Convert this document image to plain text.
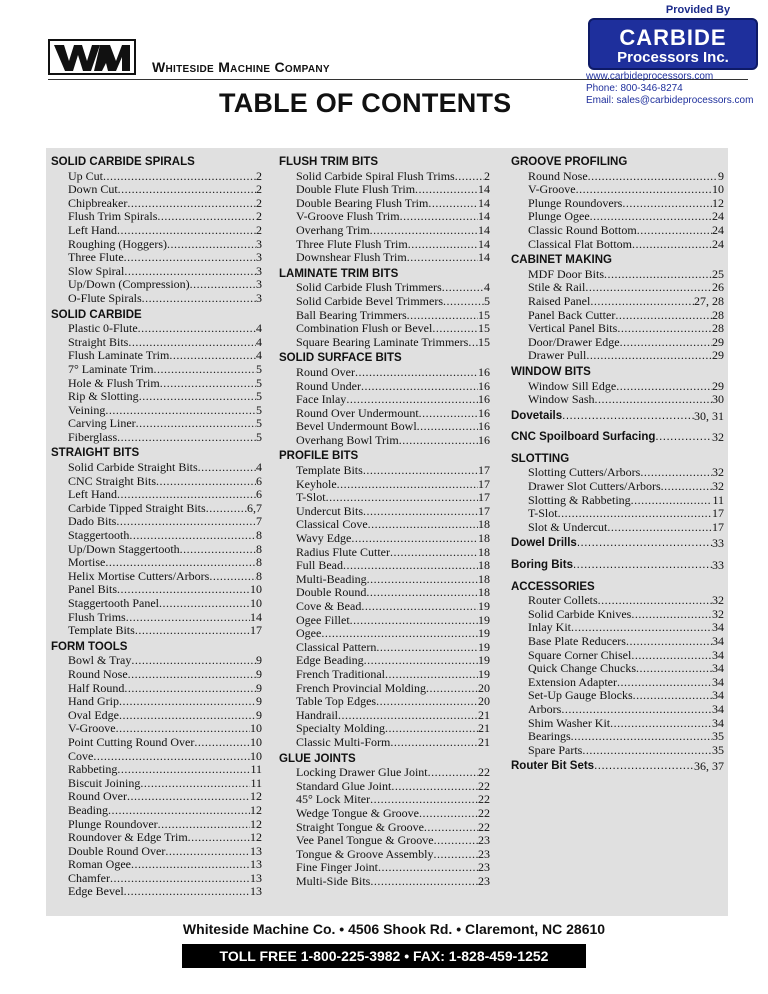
Whiteside Machine Company
Provided By
CARBIDE
Processors Inc.
www.carbideprocessors.com
Phone: 800-346-8274
Email: sales@carbideprocessors.com
TABLE OF CONTENTS
SOLID CARBIDE SPIRALS
Up Cut .....	2
Down Cut .....	2
Chipbreaker .....	2
Flush Trim Spirals .....	2
Left Hand .....	2
Roughing (Hoggers) .....	3
Three Flute .....	3
Slow Spiral .....	3
Up/Down (Compression) .....	3
O-Flute Spirals .....	3
SOLID CARBIDE
Plastic 0-Flute .....	4
Straight Bits .....	4
Flush Laminate Trim .....	4
7° Laminate Trim .....	5
Hole & Flush Trim .....	5
Rip & Slotting .....	5
Veining .....	5
Carving Liner .....	5
Fiberglass .....	5
STRAIGHT BITS
Solid Carbide Straight Bits .....	4
CNC Straight Bits .....	6
Left Hand .....	6
Carbide Tipped Straight Bits .....	6,7
Dado Bits .....	7
Staggertooth .....	8
Up/Down Staggertooth .....	8
Mortise .....	8
Helix Mortise Cutters/Arbors .....	8
Panel Bits .....	10
Staggertooth Panel .....	10
Flush Trims .....	14
Template Bits .....	17
FORM TOOLS
Bowl & Tray .....	9
Round Nose .....	9
Half Round .....	9
Hand Grip .....	9
Oval Edge .....	9
V-Groove .....	10
Point Cutting Round Over .....	10
Cove .....	10
Rabbeting .....	11
Biscuit Joining .....	11
Round Over .....	12
Beading .....	12
Plunge Roundover .....	12
Roundover & Edge Trim .....	12
Double Round Over .....	13
Roman Ogee .....	13
Chamfer .....	13
Edge Bevel .....	13
FLUSH TRIM BITS
Solid Carbide Spiral Flush Trims ..... 2
Double Flute Flush Trim .....	14
Double Bearing Flush Trim .....	14
V-Groove Flush Trim .....	14
Overhang Trim .....	14
Three Flute Flush Trim .....	14
Downshear Flush Trim .....	14
LAMINATE TRIM BITS
Solid Carbide Flush Trimmers .....	4
Solid Carbide Bevel Trimmers .....	5
Ball Bearing Trimmers .....	15
Combination Flush or Bevel .....	15
Square Bearing Laminate Trimmers ..... 15
SOLID SURFACE BITS
Round Over .....	16
Round Under .....	16
Face Inlay .....	16
Round Over Undermount .....	16
Bevel Undermount Bowl .....	16
Overhang Bowl Trim .....	16
PROFILE BITS
Template Bits .....	17
Keyhole .....	17
T-Slot .....	17
Undercut Bits .....	17
Classical Cove .....	18
Wavy Edge .....	18
Radius Flute Cutter .....	18
Full Bead .....	18
Multi-Beading .....	18
Double Round .....	18
Cove & Bead .....	19
Ogee Fillet .....	19
Ogee .....	19
Classical Pattern .....	19
Edge Beading .....	19
French Traditional .....	19
French Provincial Molding .....	20
Table Top Edges .....	20
Handrail .....	21
Specialty Molding .....	21
Classic Multi-Form .....	21
GLUE JOINTS
Locking Drawer Glue Joint .....	22
Standard Glue Joint .....	22
45° Lock Miter .....	22
Wedge Tongue & Groove .....	22
Straight Tongue & Groove .....	22
Vee Panel Tongue & Groove .....	23
Tongue & Groove Assembly .....	23
Fine Finger Joint .....	23
Multi-Side Bits .....	23
GROOVE PROFILING
Round Nose .....	9
V-Groove .....	10
Plunge Roundovers .....	12
Plunge Ogee .....	24
Classic Round Bottom .....	24
Classical Flat Bottom .....	24
CABINET MAKING
MDF Door Bits .....	25
Stile & Rail .....	26
Raised Panel .....	27, 28
Panel Back Cutter .....	28
Vertical Panel Bits .....	28
Door/Drawer Edge .....	29
Drawer Pull .....	29
WINDOW BITS
Window Sill Edge .....	29
Window Sash .....	30
Dovetails .....	30, 31
CNC Spoilboard Surfacing .....	32
SLOTTING
Slotting Cutters/Arbors .....	32
Drawer Slot Cutters/Arbors .....	32
Slotting & Rabbeting .....	11
T-Slot .....	17
Slot & Undercut .....	17
Dowel Drills .....	33
Boring Bits .....	33
ACCESSORIES
Router Collets .....	32
Solid Carbide Knives .....	32
Inlay Kit .....	34
Base Plate Reducers .....	34
Square Corner Chisel .....	34
Quick Change Chucks .....	34
Extension Adapter .....	34
Set-Up Gauge Blocks .....	34
Arbors .....	34
Shim Washer Kit .....	34
Bearings .....	35
Spare Parts .....	35
Router Bit Sets .....	36, 37
Whiteside Machine Co. • 4506 Shook Rd. • Claremont, NC 28610
TOLL FREE 1-800-225-3982 • FAX: 1-828-459-1252
